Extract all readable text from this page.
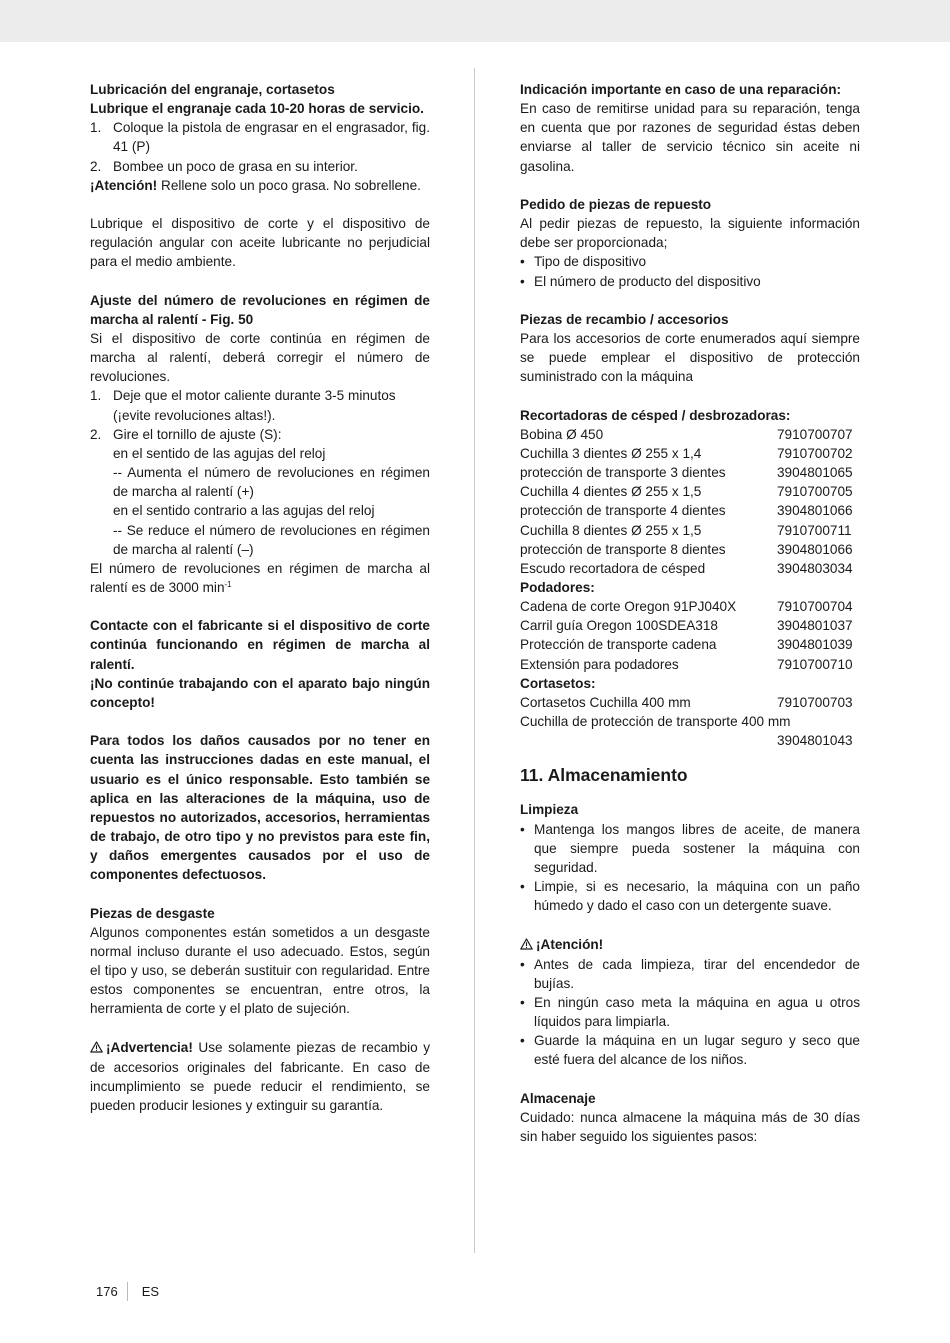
Lubricación del engranaje, cortasetos

Lubrique el engranaje cada 10-20 horas de servicio.

1. Coloque la pistola de engrasar en el engrasador, fig. 41 (P)
2. Bombee un poco de grasa en su interior.

¡Atención! Rellene solo un poco grasa. No sobrellene.

Lubrique el dispositivo de corte y el dispositivo de regulación angular con aceite lubricante no perjudicial para el medio ambiente.

Ajuste del número de revoluciones en régimen de marcha al ralentí - Fig. 50

Si el dispositivo de corte continúa en régimen de marcha al ralentí, deberá corregir el número de revoluciones.

1. Deje que el motor caliente durante 3-5 minutos

(¡evite revoluciones altas!).

2. Gire el tornillo de ajuste (S):

en el sentido de las agujas del reloj

-- Aumenta el número de revoluciones en régimen de marcha al ralentí (+)

en el sentido contrario a las agujas del reloj

-- Se reduce el número de revoluciones en régimen de marcha al ralentí (–)

El número de revoluciones en régimen de marcha al ralentí es de 3000 $\min^{-1}$

Contacte con el fabricante si el dispositivo de corte continúa funcionando en régimen de marcha al ralentí.

¡No continúe trabajando con el aparato bajo ningún concepto!

Para todos los daños causados por no tener en cuenta las instrucciones dadas en este manual, el usuario es el único responsable. Esto también se aplica en las alteraciones de la máquina, uso de repuestos no autorizados, accesorios, herramientas de trabajo, de otro tipo y no previstos para este fin, y daños emergentes causados por el uso de componentes defectuosos.

Piezas de desgaste

Algunos componentes están sometidos a un desgaste normal incluso durante el uso adecuado. Estos, según el tipo y uso, se deberán sustituir con regularidad. Entre estos componentes se encuentran, entre otros, la herramienta de corte y el plato de sujeción.

¡Advertencia! Use solamente piezas de recambio y de accesorios originales del fabricante. En caso de incumplimiento se puede reducir el rendimiento, se pueden producir lesiones y extinguir su garantía.

Indicación importante en caso de una reparación:

En caso de remitirse unidad para su reparación, tenga en cuenta que por razones de seguridad éstas deben enviarse al taller de servicio técnico sin aceite ni gasolina.

Pedido de piezas de repuesto

Al pedir piezas de repuesto, la siguiente información debe ser proporcionada;

• Tipo de dispositivo
• El número de producto del dispositivo

Piezas de recambio / accesorios

Para los accesorios de corte enumerados aquí siempre se puede emplear el dispositivo de protección suministrado con la máquina

Recortadoras de césped / desbrozadoras:

Bobina Ø 450	7910700707
Cuchilla 3 dientes Ø 255 x 1,4	7910700702
protección de transporte 3 dientes	3904801065
Cuchilla 4 dientes Ø 255 x 1,5	7910700705
protección de transporte 4 dientes	3904801066
Cuchilla 8 dientes Ø 255 x 1,5	7910700711
protección de transporte 8 dientes	3904801066
Escudo recortadora de césped	3904803034

Podadores:

Cadena de corte Oregon 91PJ040X	7910700704
Carril guía Oregon 100SDEA318	3904801037
Protección de transporte cadena	3904801039
Extensión para podadores	7910700710

Cortasetos:

Cortasetos Cuchilla 400 mm	7910700703

Cuchilla de protección de transporte 400 mm

3904801043
11. Almacenamiento

Limpieza

• Mantenga los mangos libres de aceite, de manera que siempre pueda sostener la máquina con seguridad.
• Limpie, si es necesario, la máquina con un paño húmedo y dado el caso con un detergente suave.

¡Atención!

• Antes de cada limpieza, tirar del encendedor de bujías.
• En ningún caso meta la máquina en agua u otros líquidos para limpiarla.
• Guarde la máquina en un lugar seguro y seco que esté fuera del alcance de los niños.

Almacenaje

Cuidado: nunca almacene la máquina más de 30 días sin haber seguido los siguientes pasos:

176	ES
